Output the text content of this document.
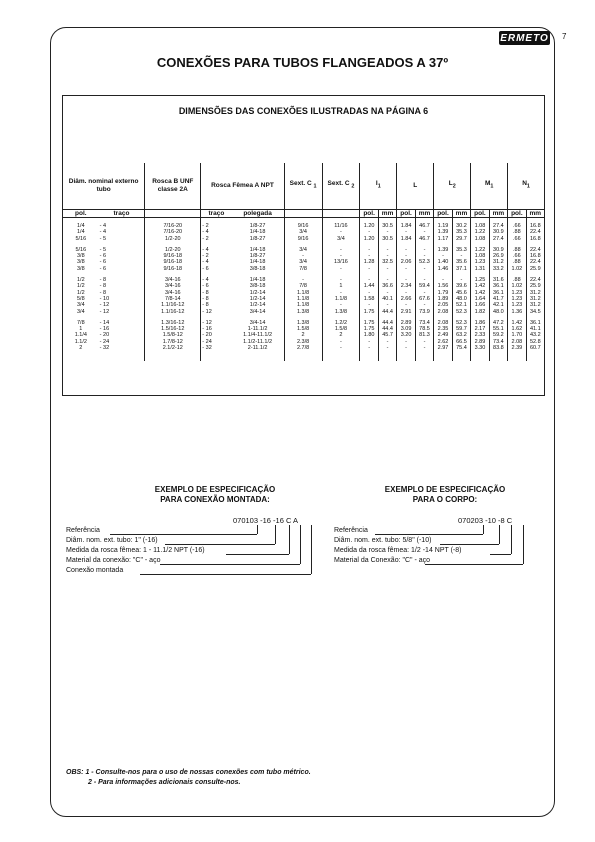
ERMETO 7
CONEXÕES PARA TUBOS FLANGEADOS A 37º
DIMENSÕES DAS CONEXÕES ILUSTRADAS NA PÁGINA 6
Diâm. nominal externo tubo		Rosca B UNF classe 2A	Rosca Fêmea A NPT		Sext. C $_1$	Sext. C $_2$	$I_1$		L		$L_2$		$M_1$		$N_1$
pol.	traço		traço	polegada			pol.	mm	pol.	mm	pol.	mm	pol.	mm	pol.	mm

1/4	- 4	7/16-20	- 2	1/8-27	9/16	11/16	1.20	30.5	1.84	46.7	1.19	30.2	1.08	27.4	.66	16.8
1/4	- 4	7/16-20	- 4	1/4-18	3/4	-	-	-	-	-	1.39	35.3	1.22	30.9	.88	22.4
5/16	- 5	1/2-20	- 2	1/8-27	9/16	3/4	1.20	30.5	1.84	46.7	1.17	29.7	1.08	27.4	.66	16.8

5/16	- 5	1/2-20	- 4	1/4-18	3/4	-	-	-	-	-	1.39	35.3	1.22	30.9	.88	22.4
3/8	- 6	9/16-18	- 2	1/8-27	-	-	-	-	-	-	-	-	1.08	26.9	.66	16.8
3/8	- 6	9/16-18	- 4	1/4-18	3/4	13/16	1.28	32.5	2.06	52.3	1.40	35.6	1.23	31.2	.88	22.4
3/8	- 6	9/16-18	- 6	3/8-18	7/8	-	-	-	-	-	1.46	37.1	1.31	33.2	1.02	25.9

1/2	- 8	3/4-16	- 4	1/4-18	-	-	-	-	-	-	-	-	1.25	31.6	.88	22.4
1/2	- 8	3/4-16	- 6	3/8-18	7/8	1	1.44	36.6	2.34	59.4	1.56	39.6	1.42	36.1	1.02	25.9
1/2	- 8	3/4-16	- 8	1/2-14	1.1/8	-	-	-	-	-	1.79	45.6	1.42	36.1	1.23	31.2
5/8	- 10	7/8-14	- 8	1/2-14	1.1/8	1.1/8	1.58	40.1	2.66	67.6	1.89	48.0	1.64	41.7	1.23	31.2
3/4	- 12	1.1/16-12	- 8	1/2-14	1.1/8	-	-	-	-	-	2.05	52.1	1.66	42.1	1.23	31.2
3/4	- 12	1.1/16-12	- 12	3/4-14	1.3/8	1.3/8	1.75	44.4	2.91	73.9	2.08	52.3	1.82	48.0	1.36	34.5

7/8	- 14	1.3/16-12	- 12	3/4-14	1.3/8	1.2/2	1.75	44.4	2.89	73.4	2.08	52.3	1.86	47.2	1.42	36.1
1	- 16	1.5/16-12	- 16	1-11.1/2	1.5/8	1.5/8	1.75	44.4	3.09	78.5	2.35	59.7	2.17	55.1	1.62	41.1
1.1/4	- 20	1.5/8-12	- 20	1.1/4-11.1/2	2	2	1.80	45.7	3.20	81.3	2.49	63.2	2.33	59.2	1.70	43.2
1.1/2	- 24	1.7/8-12	- 24	1.1/2-11.1/2	2.3/8	-	-	-	-	-	2.62	66.5	2.89	73.4	2.08	52.8
2	- 32	2.1/2-12	- 32	2-11.1/2	2.7/8	-	-	-	-	-	2.97	75.4	3.30	83.8	2.39	60.7

EXEMPLO DE ESPECIFICAÇÃO
PARA CONEXÃO MONTADA:
070103 -16 -16 C A
Referência
Diâm. nom. ext. tubo: 1" (-16)
Medida da rosca fêmea: 1 - 11.1/2 NPT (-16)
Material da conexão: "C" - aço
Conexão montada
EXEMPLO DE ESPECIFICAÇÃO
PARA O CORPO:
070203 -10 -8 C
Referência
Diâm. nom. ext. tubo: 5/8" (-10)
Medida da rosca fêmea: 1/2 -14 NPT (-8)
Material da Conexão: "C" - aço
OBS: 1 - Consulte-nos para o uso de nossas conexões com tubo métrico.
2 - Para informações adicionais consulte-nos.
